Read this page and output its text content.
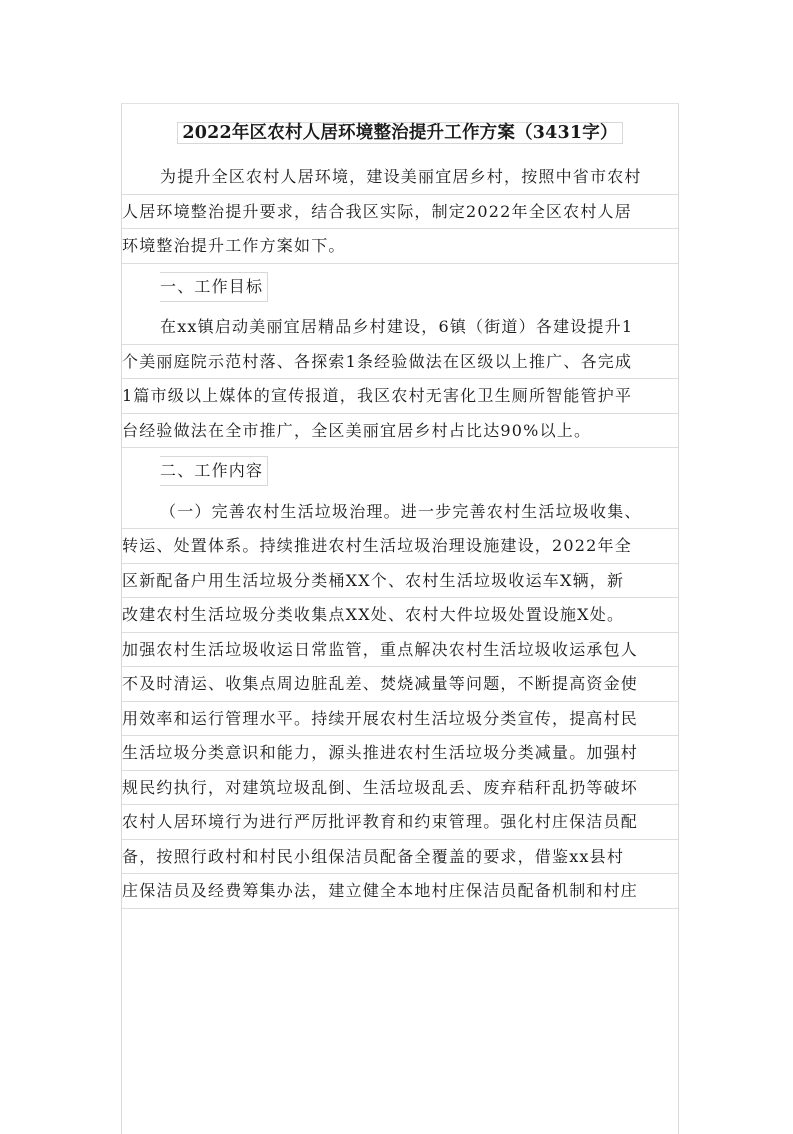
2022年区农村人居环境整治提升工作方案（3431字）
为提升全区农村人居环境，建设美丽宜居乡村，按照中省市农村
人居环境整治提升要求，结合我区实际，制定2022年全区农村人居
环境整治提升工作方案如下。
一、工作目标
在xx镇启动美丽宜居精品乡村建设，6镇（街道）各建设提升1
个美丽庭院示范村落、各探索1条经验做法在区级以上推广、各完成
1篇市级以上媒体的宣传报道，我区农村无害化卫生厕所智能管护平
台经验做法在全市推广，全区美丽宜居乡村占比达90%以上。
二、工作内容
（一）完善农村生活垃圾治理。进一步完善农村生活垃圾收集、
转运、处置体系。持续推进农村生活垃圾治理设施建设，2022年全
区新配备户用生活垃圾分类桶XX个、农村生活垃圾收运车X辆，新
改建农村生活垃圾分类收集点XX处、农村大件垃圾处置设施X处。
加强农村生活垃圾收运日常监管，重点解决农村生活垃圾收运承包人
不及时清运、收集点周边脏乱差、焚烧减量等问题，不断提高资金使
用效率和运行管理水平。持续开展农村生活垃圾分类宣传，提高村民
生活垃圾分类意识和能力，源头推进农村生活垃圾分类减量。加强村
规民约执行，对建筑垃圾乱倒、生活垃圾乱丢、废弃秸秆乱扔等破坏
农村人居环境行为进行严厉批评教育和约束管理。强化村庄保洁员配
备，按照行政村和村民小组保洁员配备全覆盖的要求，借鉴xx县村
庄保洁员及经费筹集办法，建立健全本地村庄保洁员配备机制和村庄
